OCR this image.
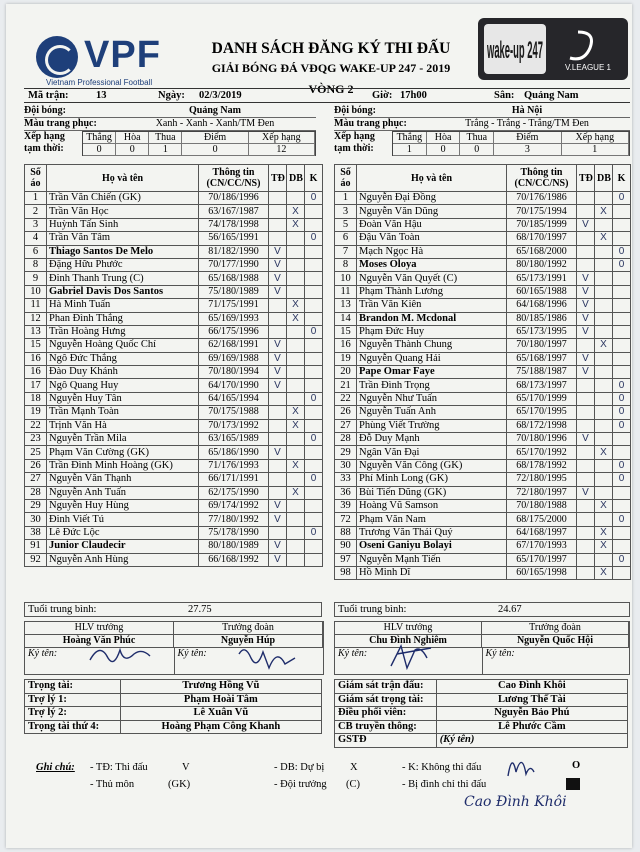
VPF
Vietnam Professional Football
DANH SÁCH ĐĂNG KÝ THI ĐẤU
GIẢI BÓNG ĐÁ VĐQG WAKE-UP 247 - 2019
VÒNG 2
wake-up 247
V.LEAGUE 1
Mã trận:	13	Ngày: 02/3/2019	Giờ: 17h00	Sân: Quảng Nam
Đội bóng:	Quảng Nam
Màu trang phục:	Xanh - Xanh - Xanh/TM Đen
Xếp hạng
tạm thời:
Thắng	Hòa	Thua	Điểm	Xếp hạng
0	0	1	0	12
Đội bóng:	Hà Nội
Màu trang phục:	Trắng - Trắng - Trắng/TM Đen
Xếp hạng
tạm thời:
Thắng	Hòa	Thua	Điểm	Xếp hạng
1	0	0	3	1
Số
áo	Họ và tên	Thông tin
(CN/CC/NS)	TĐ	DB	K
1	Trần Văn Chiến (GK)	70/186/1996			0
2	Trần Văn Học	63/167/1987		X	
3	Huỳnh Tấn Sinh	74/178/1998		X	
4	Trần Văn Tâm	56/165/1991			0
6	Thiago Santos De Melo	81/182/1990	V		
8	Đặng Hữu Phước	70/177/1990	V		
9	Đinh Thanh Trung (C)	65/168/1988	V		
10	Gabriel Davis Dos Santos	75/180/1989	V		
11	Hà Minh Tuấn	71/175/1991		X	
12	Phan Đình Thắng	65/169/1993		X	
13	Trần Hoàng Hưng	66/175/1996			0
15	Nguyễn Hoàng Quốc Chí	62/168/1991	V		
16	Ngô Đức Thắng	69/169/1988	V		
16	Đào Duy Khánh	70/180/1994	V		
17	Ngô Quang Huy	64/170/1990	V		
18	Nguyễn Huy Tân	64/165/1994			0
19	Trần Mạnh Toàn	70/175/1988		X	
22	Trịnh Văn Hà	70/173/1992		X	
23	Nguyễn Trần Mila	63/165/1989			0
25	Phạm Văn Cường (GK)	65/186/1990	V		
26	Trần Đình Minh Hoàng (GK)	71/176/1993		X	
27	Nguyễn Văn Thạnh	66/171/1991			0
28	Nguyễn Anh Tuấn	62/175/1990		X	
29	Nguyễn Huy Hùng	69/174/1992	V		
30	Đinh Viết Tú	77/180/1992	V		
38	Lê Đức Lộc	75/178/1990			0
91	Junior Claudecir	80/180/1989	V		
92	Nguyễn Anh Hùng	66/168/1992	V		
Số
áo	Họ và tên	Thông tin
(CN/CC/NS)	TĐ	DB	K
1	Nguyễn Đại Đồng	70/176/1986			0
3	Nguyễn Văn Dũng	70/175/1994		X	
5	Đoàn Văn Hậu	70/185/1999	V		
6	Đậu Văn Toàn	68/170/1997		X	
7	Mạch Ngọc Hà	65/168/2000			0
8	Moses Oloya	80/180/1992			0
10	Nguyễn Văn Quyết (C)	65/173/1991	V		
11	Phạm Thành Lương	60/165/1988	V		
13	Trần Văn Kiên	64/168/1996	V		
14	Brandon M. Mcdonal	80/185/1986	V		
15	Phạm Đức Huy	65/173/1995	V		
16	Nguyễn Thành Chung	70/180/1997		X	
19	Nguyễn Quang Hải	65/168/1997	V		
20	Pape Omar Faye	75/188/1987	V		
21	Trần Đình Trọng	68/173/1997			0
22	Nguyễn Như Tuấn	65/170/1999			0
26	Nguyễn Tuấn Anh	65/170/1995			0
27	Phùng Viết Trường	68/172/1998			0
28	Đỗ Duy Mạnh	70/180/1996	V		
29	Ngân Văn Đại	65/170/1992		X	
30	Nguyễn Văn Công (GK)	68/178/1992			0
33	Phí Minh Long (GK)	72/180/1995			0
36	Bùi Tiến Dũng (GK)	72/180/1997	V		
39	Hoàng Vũ Samson	70/180/1988		X	
72	Phạm Văn Nam	68/175/2000			0
88	Trương Văn Thái Quý	64/168/1997		X	
90	Oseni Ganiyu Bolayi	67/170/1993		X	
97	Nguyễn Mạnh Tiến	65/170/1997			0
98	Hồ Minh Dĩ	60/165/1998		X	
Tuổi trung bình:	27.75	Tuổi trung bình:	24.67
HLV trưởng	Trưởng đoàn
Hoàng Văn Phúc	Nguyễn Húp
Ký tên:	Ký tên:
HLV trưởng	Trưởng đoàn
Chu Đình Nghiêm	Nguyễn Quốc Hội
Ký tên:	Ký tên:
Trọng tài:	Trương Hồng Vũ
Trợ lý 1:	Phạm Hoài Tâm
Trợ lý 2:	Lê Xuân Vũ
Trọng tài thứ 4:	Hoàng Phạm Công Khanh
Giám sát trận đấu:	Cao Đình Khôi
Giám sát trọng tài:	Lương Thế Tài
Điều phối viên:	Nguyễn Bảo Phú
CB truyền thông:	Lê Phước Cầm
GSTĐ	(Ký tên)
Ghi chú: - TĐ: Thi đấu	V
- Thủ môn	(GK)
- DB: Dự bị X
- Đội trưởng (C)
- K: Không thi đấu	O
- Bị đình chỉ thi đấu
Cao Đình Khôi
